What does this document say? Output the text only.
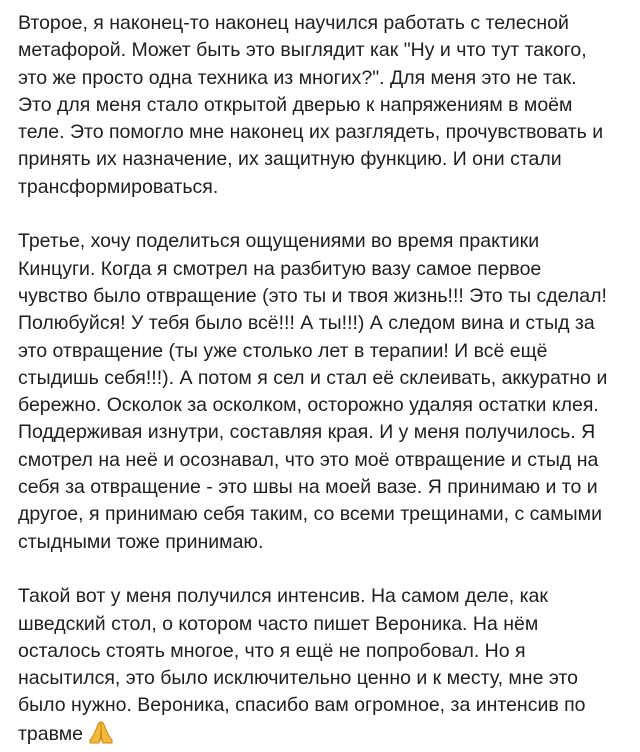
Второе, я наконец-то наконец научился работать с телесной
метафорой. Может быть это выглядит как "Ну и что тут такого,
это же просто одна техника из многих?". Для меня это не так.
Это для меня стало открытой дверью к напряжениям в моём
теле. Это помогло мне наконец их разглядеть, прочувствовать и
принять их назначение, их защитную функцию. И они стали
трансформироваться.

Третье, хочу поделиться ощущениями во время практики
Кинцуги. Когда я смотрел на разбитую вазу самое первое
чувство было отвращение (это ты и твоя жизнь!!! Это ты сделал!
Полюбуйся! У тебя было всё!!! А ты!!!) А следом вина и стыд за
это отвращение (ты уже столько лет в терапии! И всё ещё
стыдишь себя!!!). А потом я сел и стал её склеивать, аккуратно и
бережно. Осколок за осколком, осторожно удаляя остатки клея.
Поддерживая изнутри, составляя края. И у меня получилось. Я
смотрел на неё и осознавал, что это моё отвращение и стыд на
себя за отвращение - это швы на моей вазе. Я принимаю и то и
другое, я принимаю себя таким, со всеми трещинами, с самыми
стыдными тоже принимаю.

Такой вот у меня получился интенсив. На самом деле, как
шведский стол, о котором часто пишет Вероника. На нём
осталось стоять многое, что я ещё не попробовал. Но я
насытился, это было исключительно ценно и к месту, мне это
было нужно. Вероника, спасибо вам огромное, за интенсив по
травме
